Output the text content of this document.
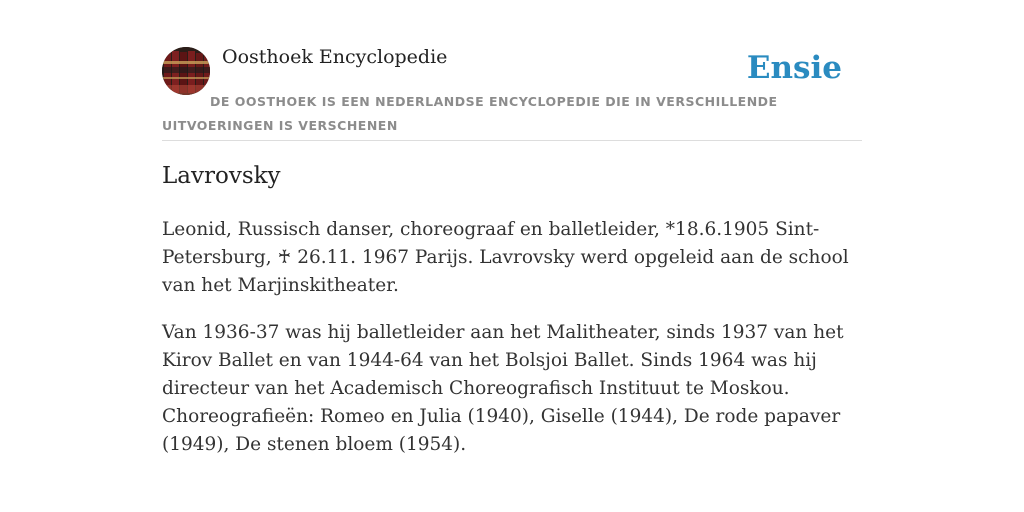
Oosthoek Encyclopedie	Ensie
DE OOSTHOEK IS EEN NEDERLANDSE ENCYCLOPEDIE DIE IN VERSCHILLENDE UITVOERINGEN IS VERSCHENEN
Lavrovsky

Leonid, Russisch danser, choreograaf en balletleider, *18.6.1905 Sint-Petersburg, ♰ 26.11. 1967 Parijs. Lavrovsky werd opgeleid aan de school van het Marjinskitheater.

Van 1936-37 was hij balletleider aan het Malitheater, sinds 1937 van het Kirov Ballet en van 1944-64 van het Bolsjoi Ballet. Sinds 1964 was hij directeur van het Academisch Choreografisch Instituut te Moskou. Choreografieën: Romeo en Julia (1940), Giselle (1944), De rode papaver (1949), De stenen bloem (1954).
